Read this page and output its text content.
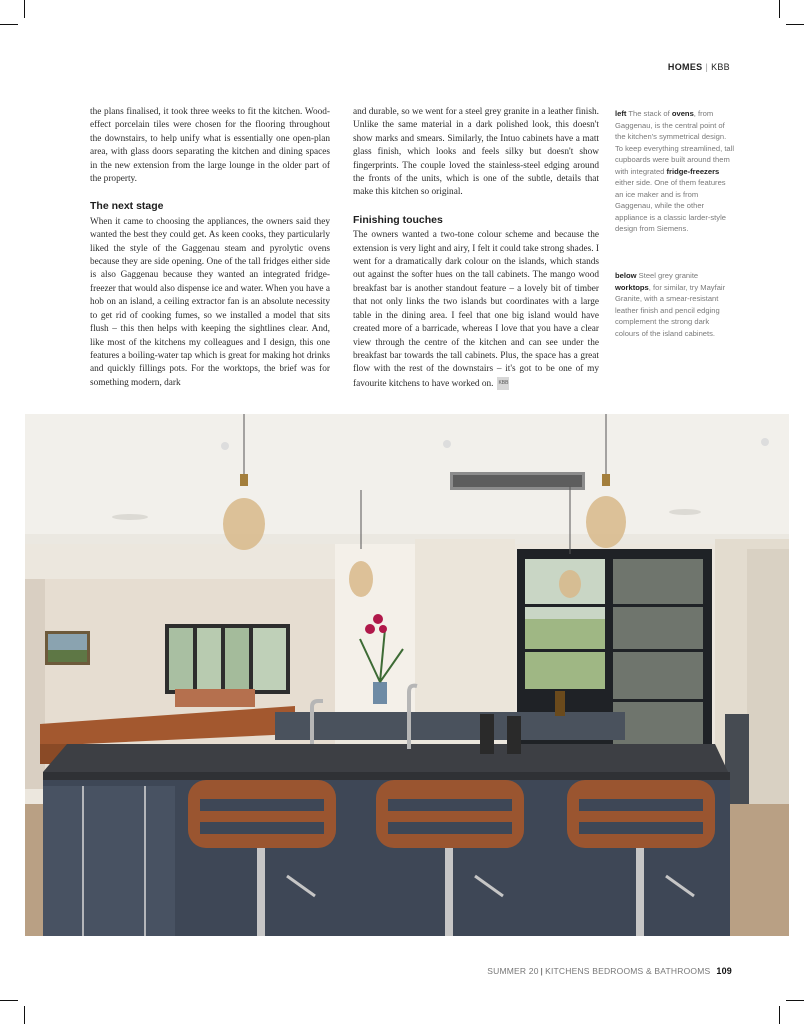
HOMES | KBB

the plans finalised, it took three weeks to fit the kitchen. Wood-effect porcelain tiles were chosen for the flooring throughout the downstairs, to help unify what is essentially one open-plan area, with glass doors separating the kitchen and dining spaces in the new extension from the large lounge in the older part of the property.

The next stage

When it came to choosing the appliances, the owners said they wanted the best they could get. As keen cooks, they particularly liked the style of the Gaggenau steam and pyrolytic ovens because they are side opening. One of the tall fridges either side is also Gaggenau because they wanted an integrated fridge-freezer that would also dispense ice and water. When you have a hob on an island, a ceiling extractor fan is an absolute necessity to get rid of cooking fumes, so we installed a model that sits flush – this then helps with keeping the sightlines clear. And, like most of the kitchens my colleagues and I design, this one features a boiling-water tap which is great for making hot drinks and quickly fillings pots. For the worktops, the brief was for something modern, dark

and durable, so we went for a steel grey granite in a leather finish. Unlike the same material in a dark polished look, this doesn't show marks and smears. Similarly, the Intuo cabinets have a matt glass finish, which looks and feels silky but doesn't show fingerprints. The couple loved the stainless-steel edging around the fronts of the units, which is one of the subtle, details that make this kitchen so original.

Finishing touches

The owners wanted a two-tone colour scheme and because the extension is very light and airy, I felt it could take strong shades. I went for a dramatically dark colour on the islands, which stands out against the softer hues on the tall cabinets. The mango wood breakfast bar is another standout feature – a lovely bit of timber that not only links the two islands but coordinates with a large table in the dining area. I feel that one big island would have created more of a barricade, whereas I love that you have a clear view through the centre of the kitchen and can see under the breakfast bar towards the tall cabinets. Plus, the space has a great flow with the rest of the downstairs – it's got to be one of my favourite kitchens to have worked on. KBB

left The stack of ovens, from Gaggenau, is the central point of the kitchen's symmetrical design. To keep everything streamlined, tall cupboards were built around them with integrated fridge-freezers either side. One of them features an ice maker and is from Gaggenau, while the other appliance is a classic larder-style design from Siemens.
below Steel grey granite worktops, for similar, try Mayfair Granite, with a smear-resistant leather finish and pencil edging complement the strong dark colours of the island cabinets.
SUMMER 20 | KITCHENS BEDROOMS & BATHROOMS 109
